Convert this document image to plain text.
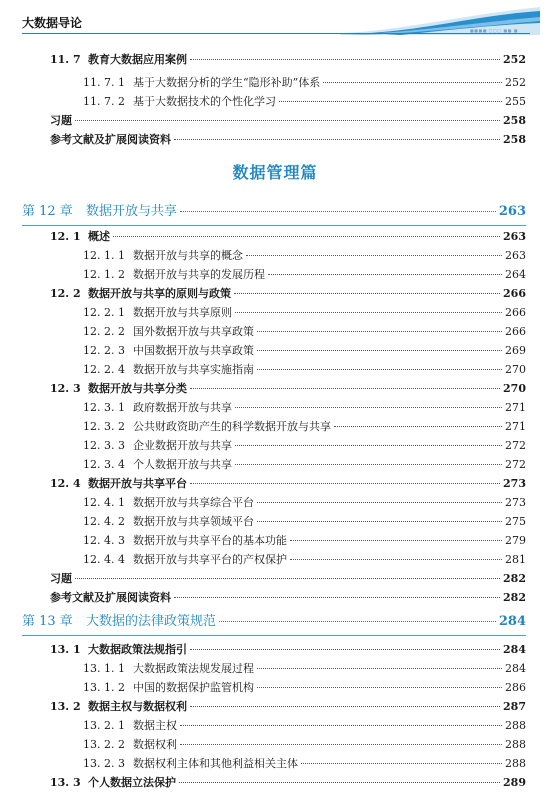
大数据导论
■■■■ □□□ ■■ ■
数据管理篇
11. 7 教育大数据应用案例	252
11. 7. 1 基于大数据分析的学生“隐形补助”体系	252
11. 7. 2 基于大数据技术的个性化学习	255
习题	258
参考文献及扩展阅读资料	258
第 12 章	数据开放与共享	263
12. 1 概述	263
12. 1. 1 数据开放与共享的概念	263
12. 1. 2 数据开放与共享的发展历程	264
12. 2 数据开放与共享的原则与政策	266
12. 2. 1 数据开放与共享原则	266
12. 2. 2 国外数据开放与共享政策	266
12. 2. 3 中国数据开放与共享政策	269
12. 2. 4 数据开放与共享实施指南	270
12. 3 数据开放与共享分类	270
12. 3. 1 政府数据开放与共享	271
12. 3. 2 公共财政资助产生的科学数据开放与共享	271
12. 3. 3 企业数据开放与共享	272
12. 3. 4 个人数据开放与共享	272
12. 4 数据开放与共享平台	273
12. 4. 1 数据开放与共享综合平台	273
12. 4. 2 数据开放与共享领域平台	275
12. 4. 3 数据开放与共享平台的基本功能	279
12. 4. 4 数据开放与共享平台的产权保护	281
习题	282
参考文献及扩展阅读资料	282
第 13 章	大数据的法律政策规范	284
13. 1 大数据政策法规指引	284
13. 1. 1 大数据政策法规发展过程	284
13. 1. 2 中国的数据保护监管机构	286
13. 2 数据主权与数据权利	287
13. 2. 1 数据主权	288
13. 2. 2 数据权利	288
13. 2. 3 数据权利主体和其他利益相关主体	288
13. 3 个人数据立法保护	289
